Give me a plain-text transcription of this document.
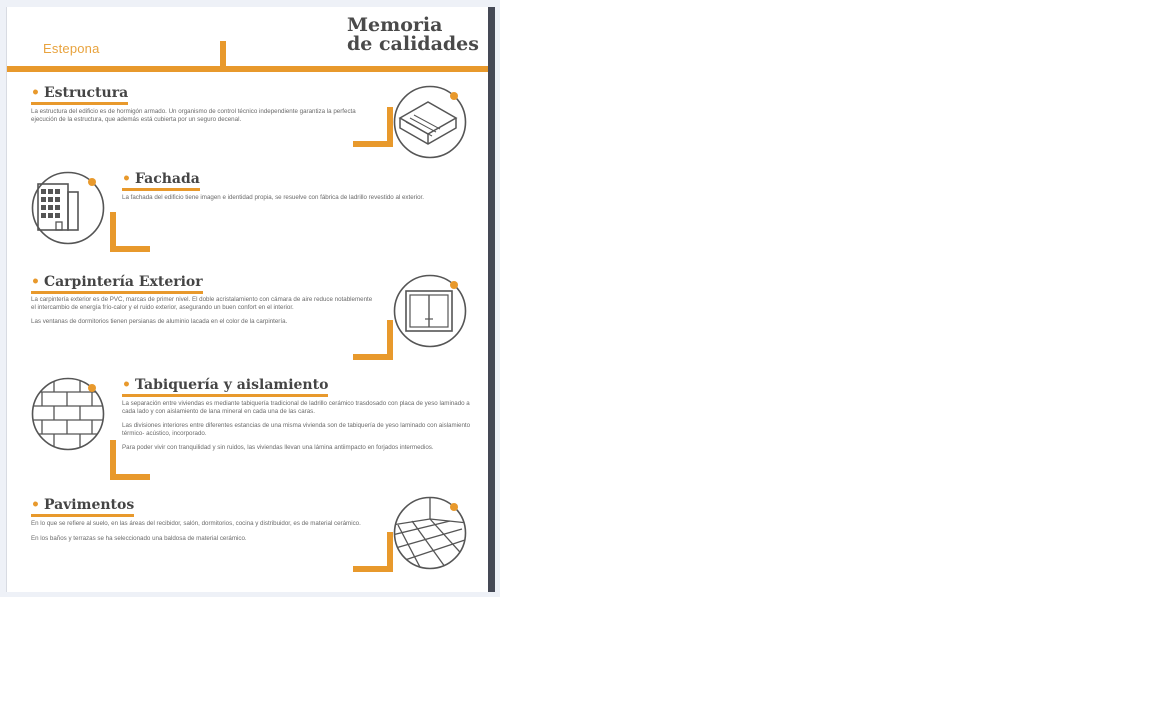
Estepona
Memoria
de calidades
• Estructura

La estructura del edificio es de hormigón armado. Un organismo de control técnico independiente garantiza la perfecta ejecución de la estructura, que además está cubierta por un seguro decenal.

• Fachada

La fachada del edificio tiene imagen e identidad propia, se resuelve con fábrica de ladrillo revestido al exterior.

• Carpintería Exterior

La carpintería exterior es de PVC, marcas de primer nivel. El doble acristalamiento con cámara de aire reduce notablemente el intercambio de energía frío-calor y el ruido exterior, asegurando un buen confort en el interior.

Las ventanas de dormitorios tienen persianas de aluminio lacada en el color de la carpintería.

• Tabiquería y aislamiento

La separación entre viviendas es mediante tabiquería tradicional de ladrillo cerámico trasdosado con placa de yeso laminado a cada lado y con aislamiento de lana mineral en cada una de las caras.

Las divisiones interiores entre diferentes estancias de una misma vivienda son de tabiquería de yeso laminado con aislamiento térmico- acústico, incorporado.

Para poder vivir con tranquilidad y sin ruidos, las viviendas llevan una lámina antiimpacto en forjados intermedios.

• Pavimentos

En lo que se refiere al suelo, en las áreas del recibidor, salón, dormitorios, cocina y distribuidor, es de material cerámico.

En los baños y terrazas se ha seleccionado una baldosa de material cerámico.
